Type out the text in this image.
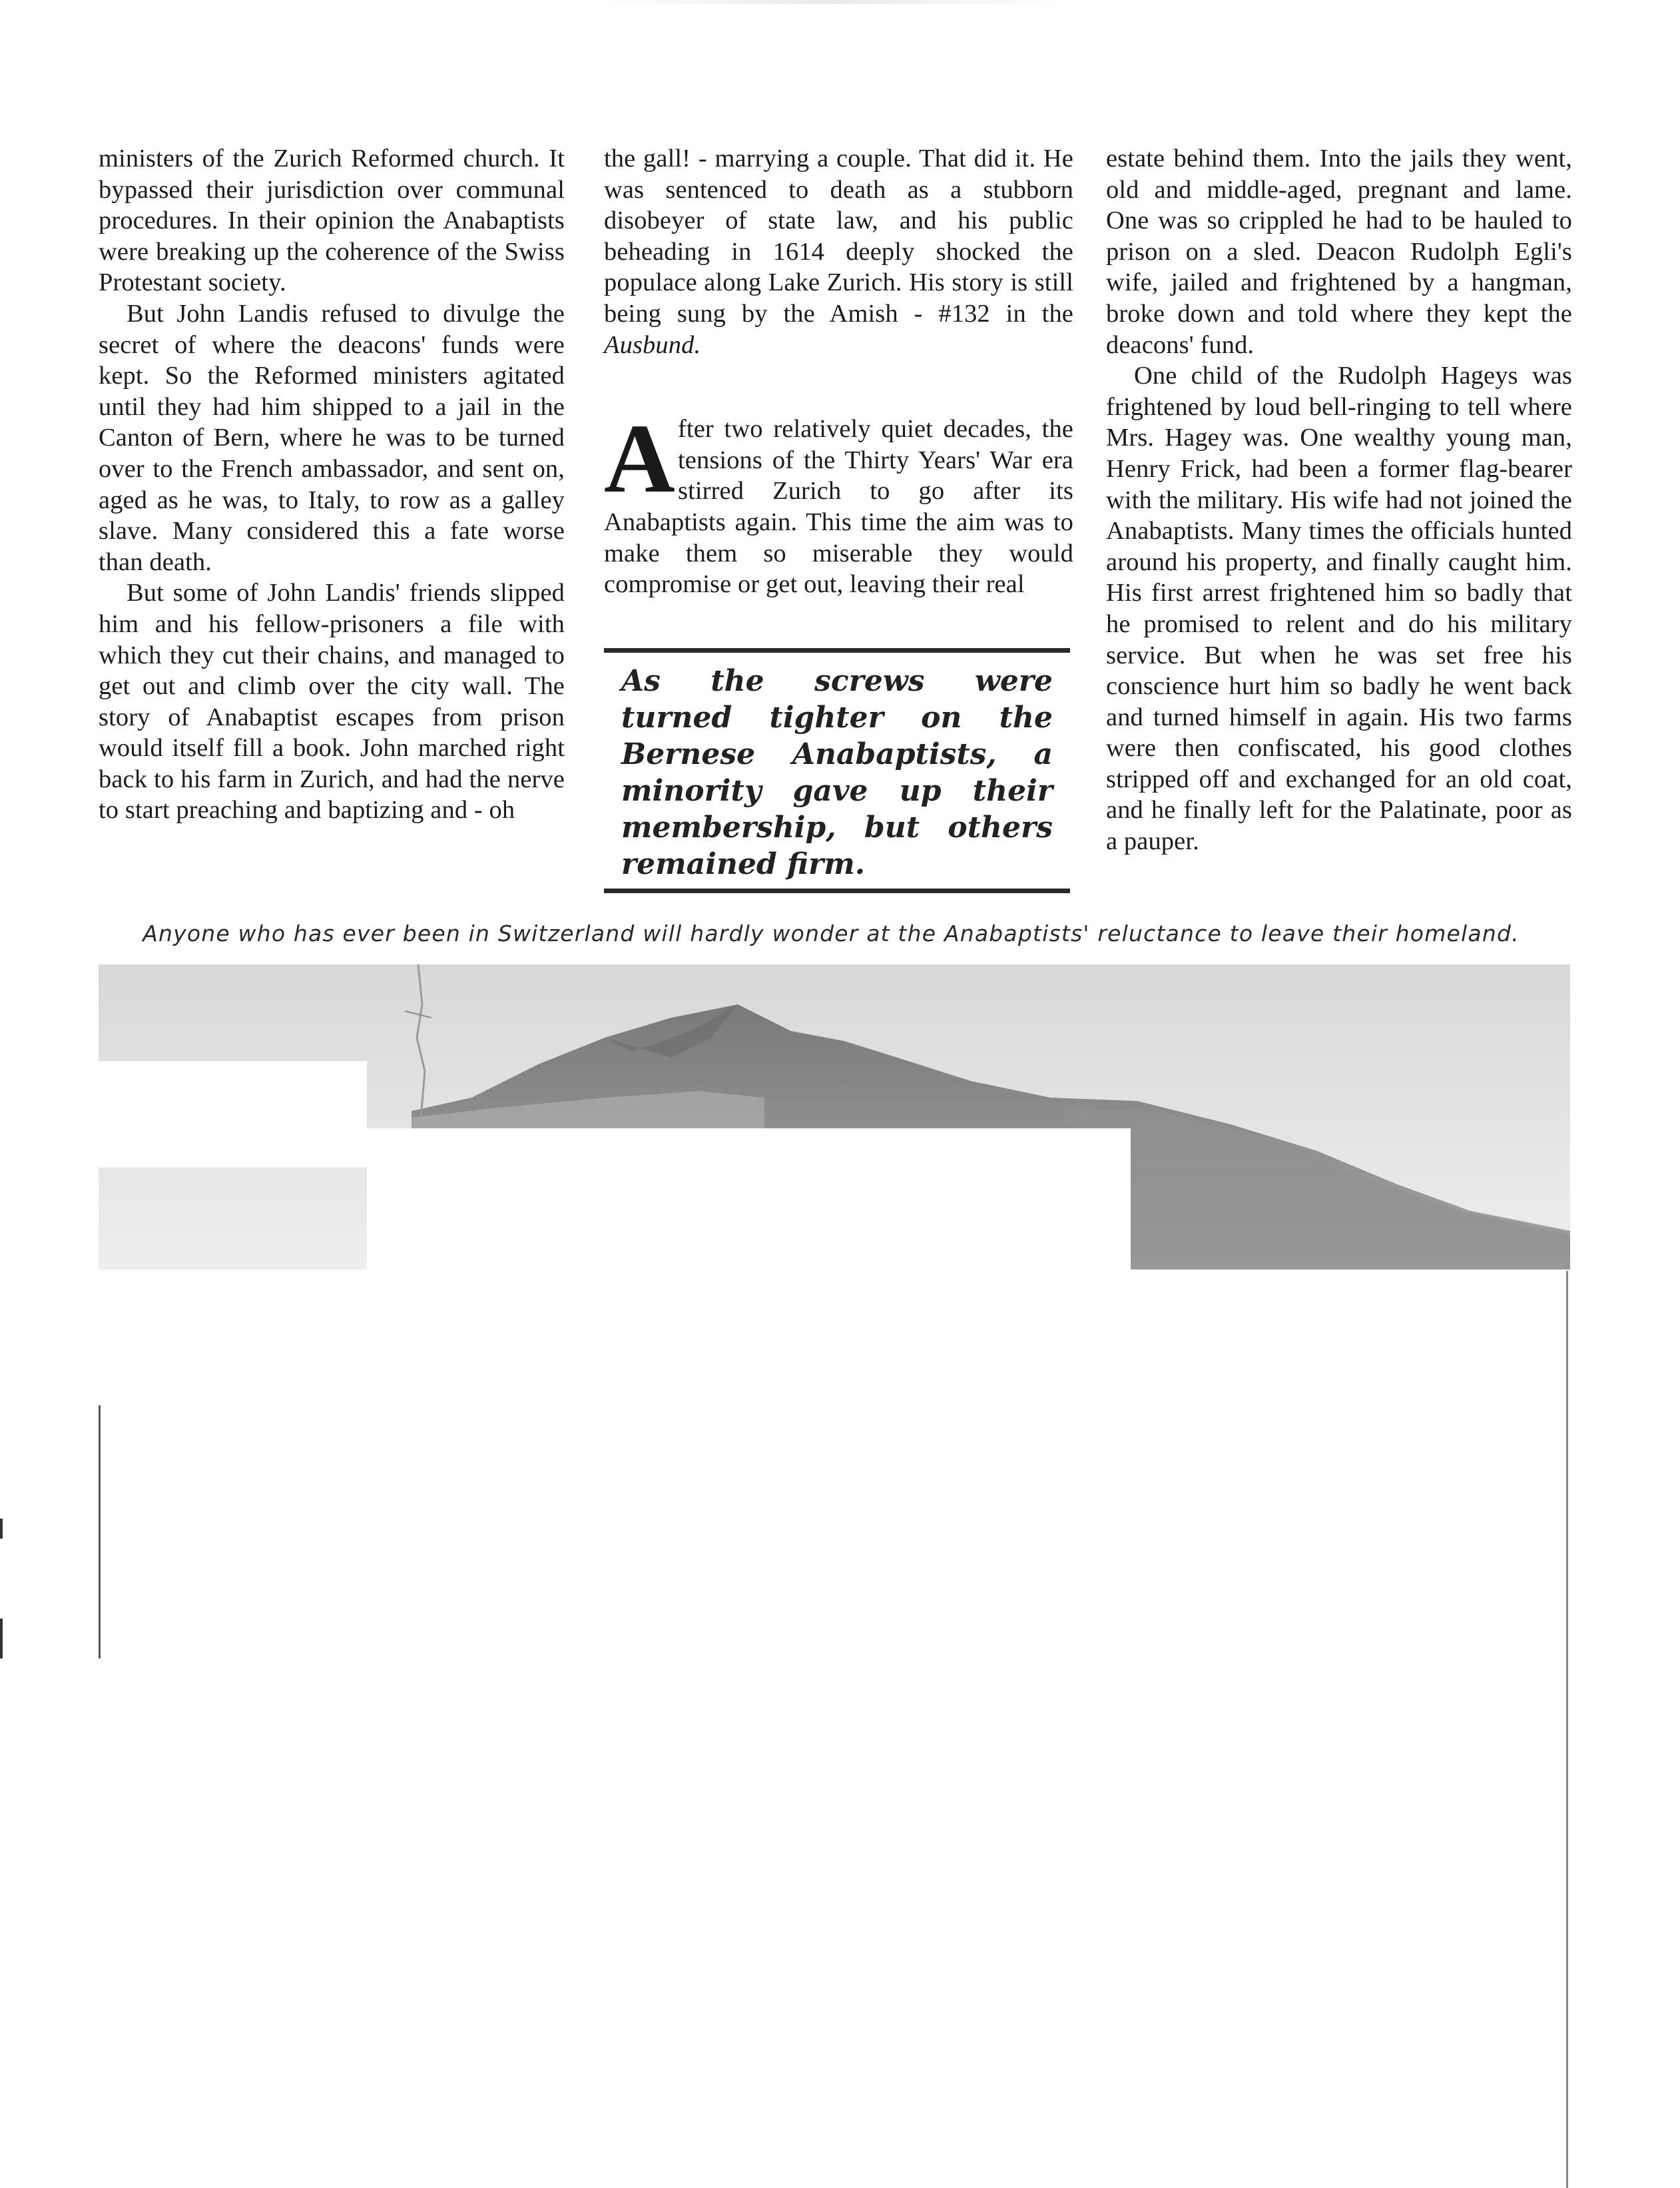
ministers of the Zurich Reformed church. It bypassed their jurisdiction over communal procedures. In their opinion the Anabaptists were breaking up the coherence of the Swiss Protestant society.

But John Landis refused to divulge the secret of where the deacons' funds were kept. So the Reformed ministers agitated until they had him shipped to a jail in the Canton of Bern, where he was to be turned over to the French ambassador, and sent on, aged as he was, to Italy, to row as a galley slave. Many considered this a fate worse than death.

But some of John Landis' friends slipped him and his fellow-prisoners a file with which they cut their chains, and managed to get out and climb over the city wall. The story of Anabaptist escapes from prison would itself fill a book. John marched right back to his farm in Zurich, and had the nerve to start preaching and baptizing and - oh

the gall! - marrying a couple. That did it. He was sentenced to death as a stubborn disobeyer of state law, and his public beheading in 1614 deeply shocked the populace along Lake Zurich. His story is still being sung by the Amish - #132 in the Ausbund.

After two relatively quiet decades, the tensions of the Thirty Years' War era stirred Zurich to go after its Anabaptists again. This time the aim was to make them so miserable they would compromise or get out, leaving their real

As the screws were turned tighter on the Bernese Anabaptists, a minority gave up their membership, but others remained firm.

estate behind them. Into the jails they went, old and middle-aged, pregnant and lame. One was so crippled he had to be hauled to prison on a sled. Deacon Rudolph Egli's wife, jailed and frightened by a hangman, broke down and told where they kept the deacons' fund.

One child of the Rudolph Hageys was frightened by loud bell-ringing to tell where Mrs. Hagey was. One wealthy young man, Henry Frick, had been a former flag-bearer with the military. His wife had not joined the Anabaptists. Many times the officials hunted around his property, and finally caught him. His first arrest frightened him so badly that he promised to relent and do his military service. But when he was set free his conscience hurt him so badly he went back and turned himself in again. His two farms were then confiscated, his good clothes stripped off and exchanged for an old coat, and he finally left for the Palatinate, poor as a pauper.

Anyone who has ever been in Switzerland will hardly wonder at the Anabaptists' reluctance to leave their homeland.
